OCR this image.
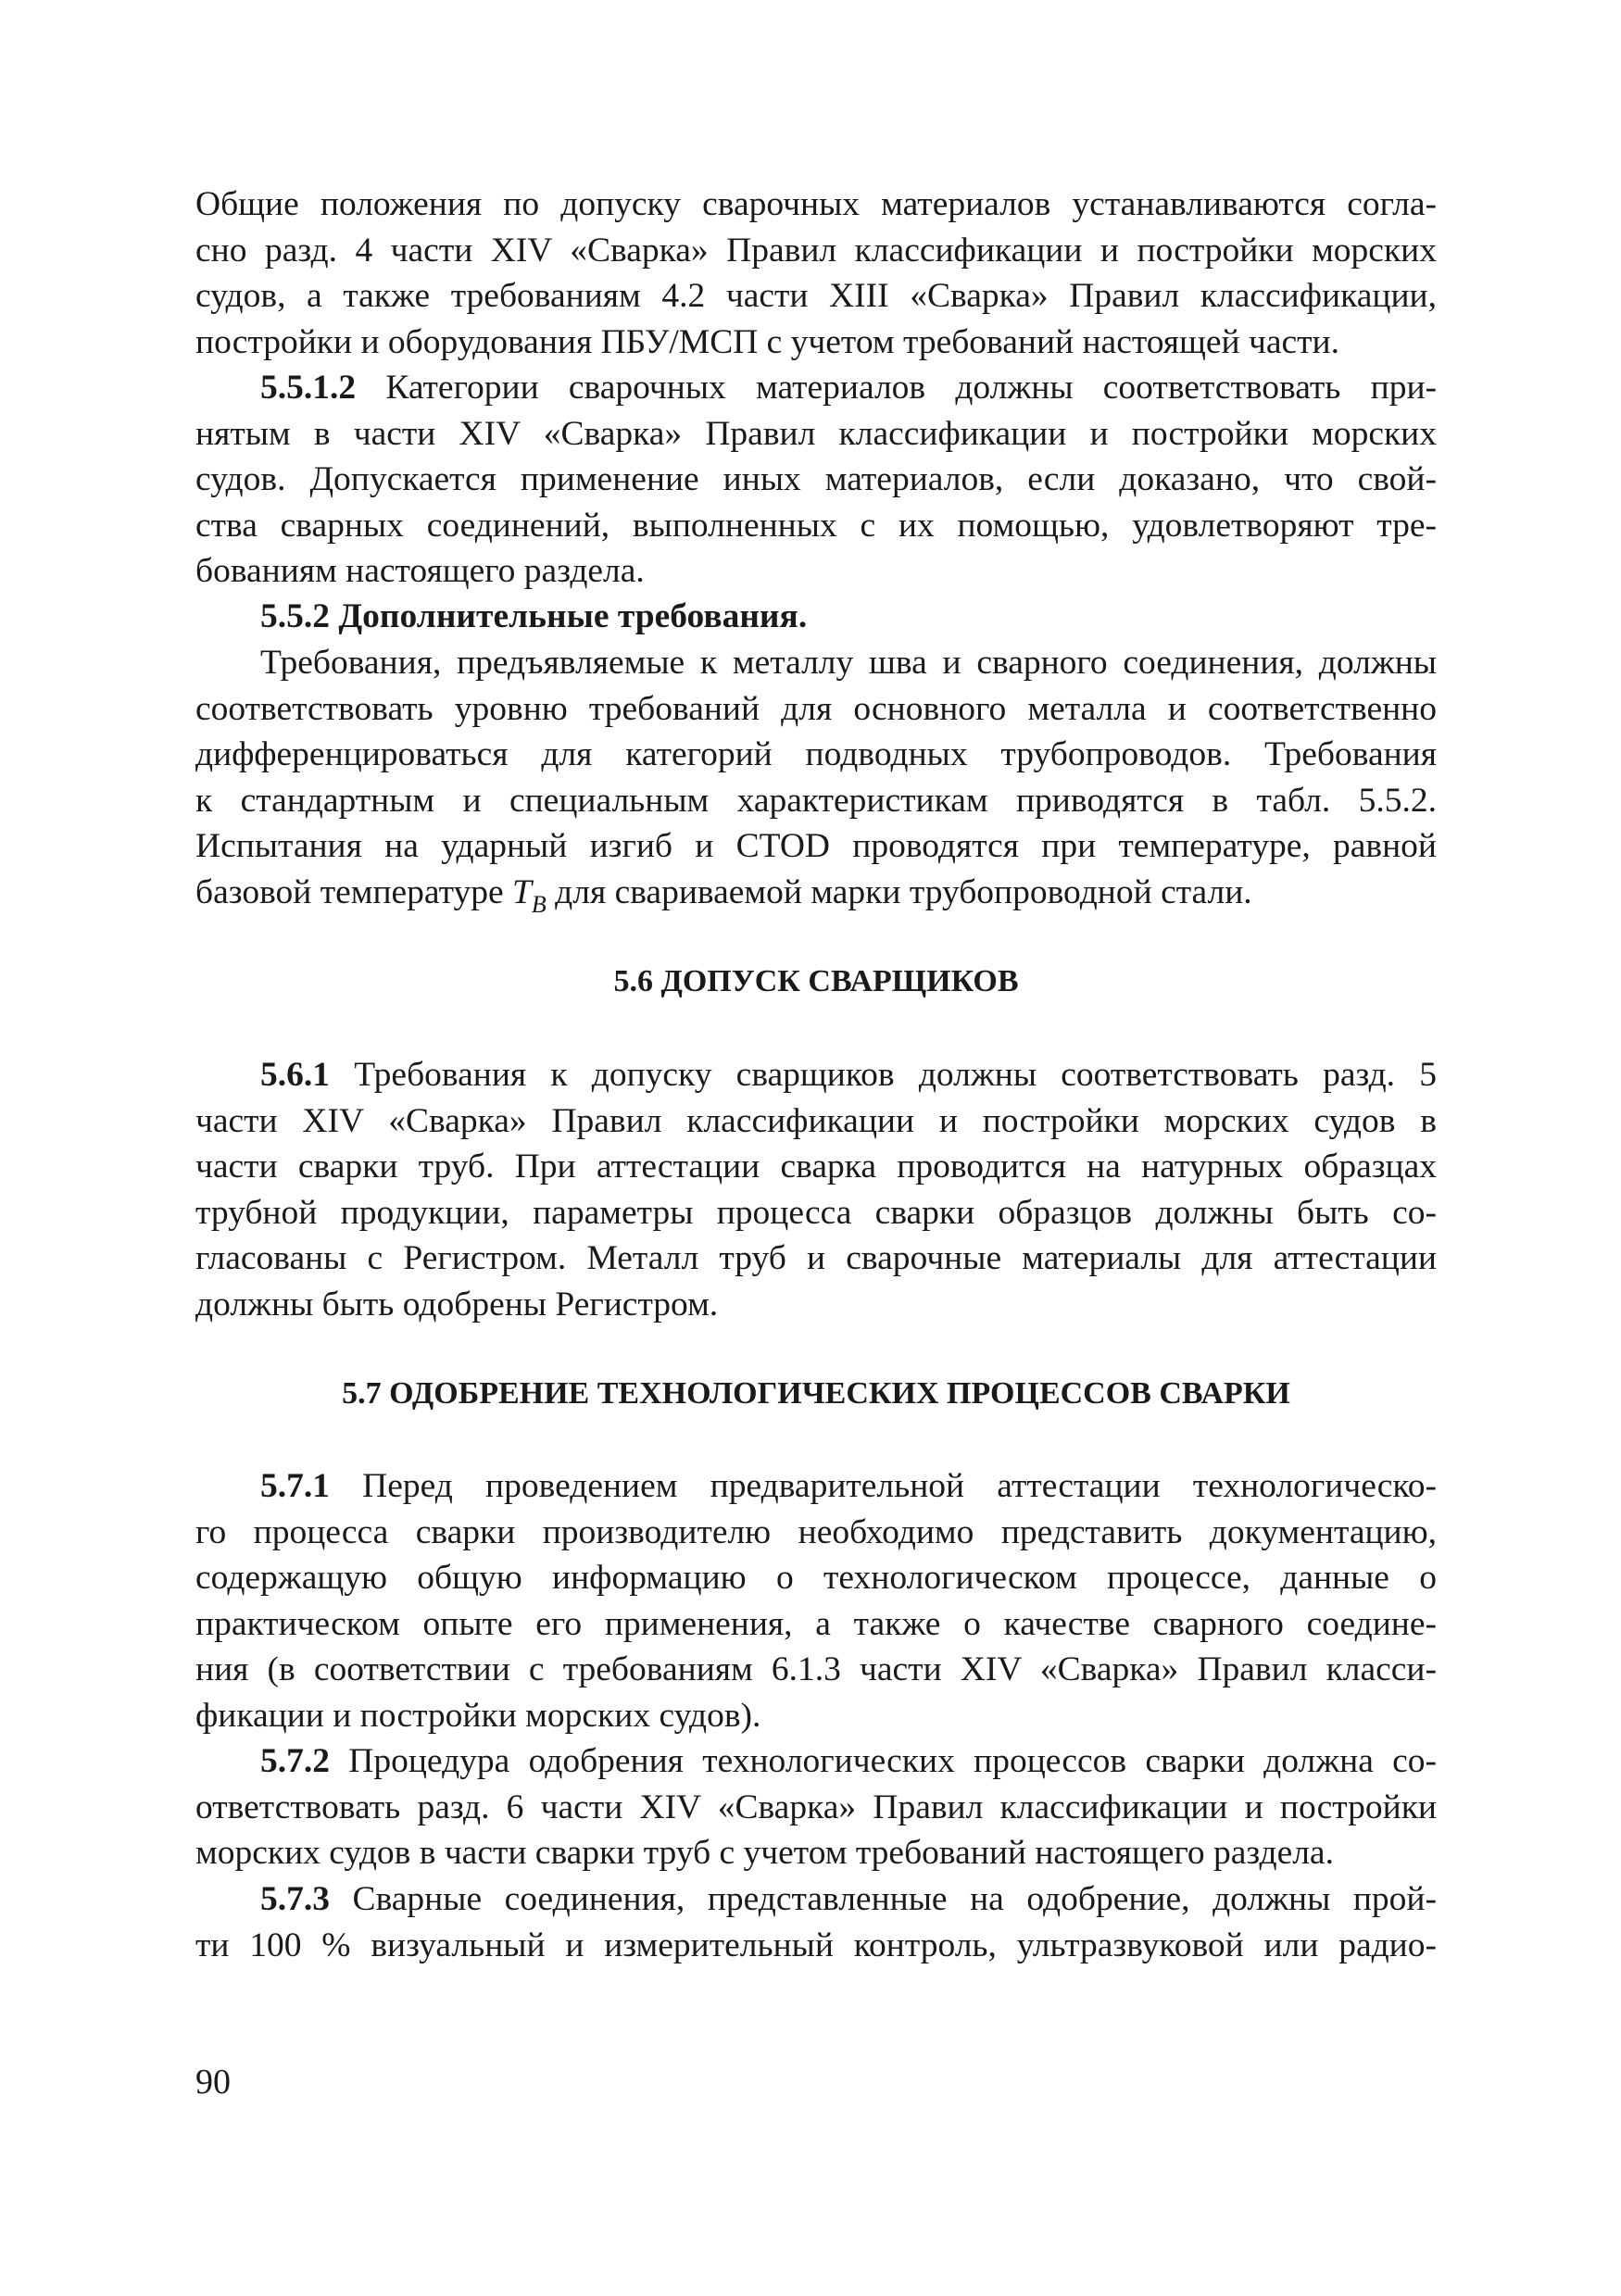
Общие положения по допуску сварочных материалов устанавливаются согла-
сно разд. 4 части XIV «Сварка» Правил классификации и постройки морских
судов, а также требованиям 4.2 части XIII «Сварка» Правил классификации,
постройки и оборудования ПБУ/МСП с учетом требований настоящей части.
5.5.1.2 Категории сварочных материалов должны соответствовать при-
нятым в части XIV «Сварка» Правил классификации и постройки морских
судов. Допускается применение иных материалов, если доказано, что свой-
ства сварных соединений, выполненных с их помощью, удовлетворяют тре-
бованиям настоящего раздела.
5.5.2 Дополнительные требования.
Требования, предъявляемые к металлу шва и сварного соединения, должны
соответствовать уровню требований для основного металла и соответственно
дифференцироваться для категорий подводных трубопроводов. Требования
к стандартным и специальным характеристикам приводятся в табл. 5.5.2.
Испытания на ударный изгиб и CTOD проводятся при температуре, равной
базовой температуре $T_B$ для свариваемой марки трубопроводной стали.
5.6 ДОПУСК СВАРЩИКОВ
5.6.1 Требования к допуску сварщиков должны соответствовать разд. 5
части XIV «Сварка» Правил классификации и постройки морских судов в
части сварки труб. При аттестации сварка проводится на натурных образцах
трубной продукции, параметры процесса сварки образцов должны быть со-
гласованы с Регистром. Металл труб и сварочные материалы для аттестации
должны быть одобрены Регистром.
5.7 ОДОБРЕНИЕ ТЕХНОЛОГИЧЕСКИХ ПРОЦЕССОВ СВАРКИ
5.7.1 Перед проведением предварительной аттестации технологическо-
го процесса сварки производителю необходимо представить документацию,
содержащую общую информацию о технологическом процессе, данные о
практическом опыте его применения, а также о качестве сварного соедине-
ния (в соответствии с требованиям 6.1.3 части XIV «Сварка» Правил класси-
фикации и постройки морских судов).
5.7.2 Процедура одобрения технологических процессов сварки должна со-
ответствовать разд. 6 части XIV «Сварка» Правил классификации и постройки
морских судов в части сварки труб с учетом требований настоящего раздела.
5.7.3 Сварные соединения, представленные на одобрение, должны прой-
ти 100 % визуальный и измерительный контроль, ультразвуковой или радио-
90
